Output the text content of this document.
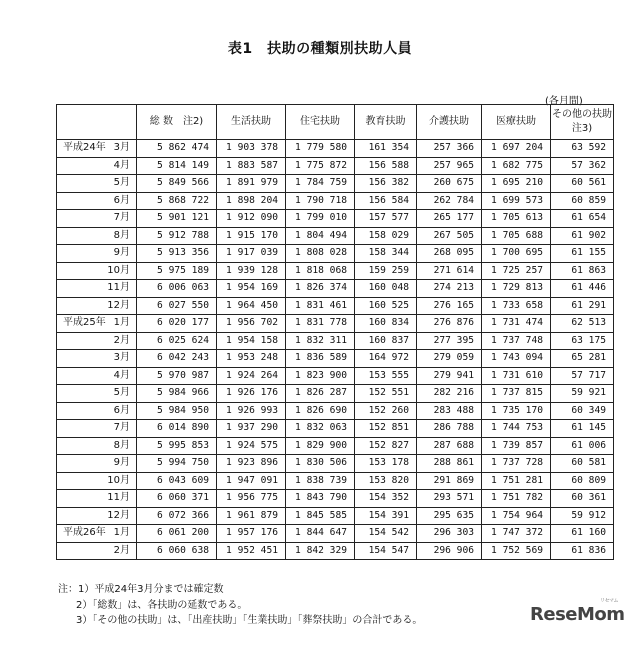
表1　扶助の種類別扶助人員
(各月間)
	総 数　注2)	生活扶助	住宅扶助	教育扶助	介護扶助	医療扶助	その他の扶助　注3)

平成24年 3月	5 862 474	1 903 378	1 779 580	161 354	257 366	1 697 204	63 592

4月	5 814 149	1 883 587	1 775 872	156 588	257 965	1 682 775	57 362

5月	5 849 566	1 891 979	1 784 759	156 382	260 675	1 695 210	60 561

6月	5 868 722	1 898 204	1 790 718	156 584	262 784	1 699 573	60 859

7月	5 901 121	1 912 090	1 799 010	157 577	265 177	1 705 613	61 654

8月	5 912 788	1 915 170	1 804 494	158 029	267 505	1 705 688	61 902

9月	5 913 356	1 917 039	1 808 028	158 344	268 095	1 700 695	61 155

10月	5 975 189	1 939 128	1 818 068	159 259	271 614	1 725 257	61 863

11月	6 006 063	1 954 169	1 826 374	160 048	274 213	1 729 813	61 446

12月	6 027 550	1 964 450	1 831 461	160 525	276 165	1 733 658	61 291

平成25年 1月	6 020 177	1 956 702	1 831 778	160 834	276 876	1 731 474	62 513

2月	6 025 624	1 954 158	1 832 311	160 837	277 395	1 737 748	63 175

3月	6 042 243	1 953 248	1 836 589	164 972	279 059	1 743 094	65 281

4月	5 970 987	1 924 264	1 823 900	153 555	279 941	1 731 610	57 717

5月	5 984 966	1 926 176	1 826 287	152 551	282 216	1 737 815	59 921

6月	5 984 950	1 926 993	1 826 690	152 260	283 488	1 735 170	60 349

7月	6 014 890	1 937 290	1 832 063	152 851	286 788	1 744 753	61 145

8月	5 995 853	1 924 575	1 829 900	152 827	287 688	1 739 857	61 006

9月	5 994 750	1 923 896	1 830 506	153 178	288 861	1 737 728	60 581

10月	6 043 609	1 947 091	1 838 739	153 820	291 869	1 751 281	60 809

11月	6 060 371	1 956 775	1 843 790	154 352	293 571	1 751 782	60 361

12月	6 072 366	1 961 879	1 845 585	154 391	295 635	1 754 964	59 912

平成26年 1月	6 061 200	1 957 176	1 844 647	154 542	296 303	1 747 372	61 160

2月	6 060 638	1 952 451	1 842 329	154 547	296 906	1 752 569	61 836
注：1）平成24年3月分までは確定数
2）「総数」は、各扶助の延数である。
3）「その他の扶助」は、「出産扶助」「生業扶助」「葬祭扶助」の合計である。	ReseMom
リセマム
